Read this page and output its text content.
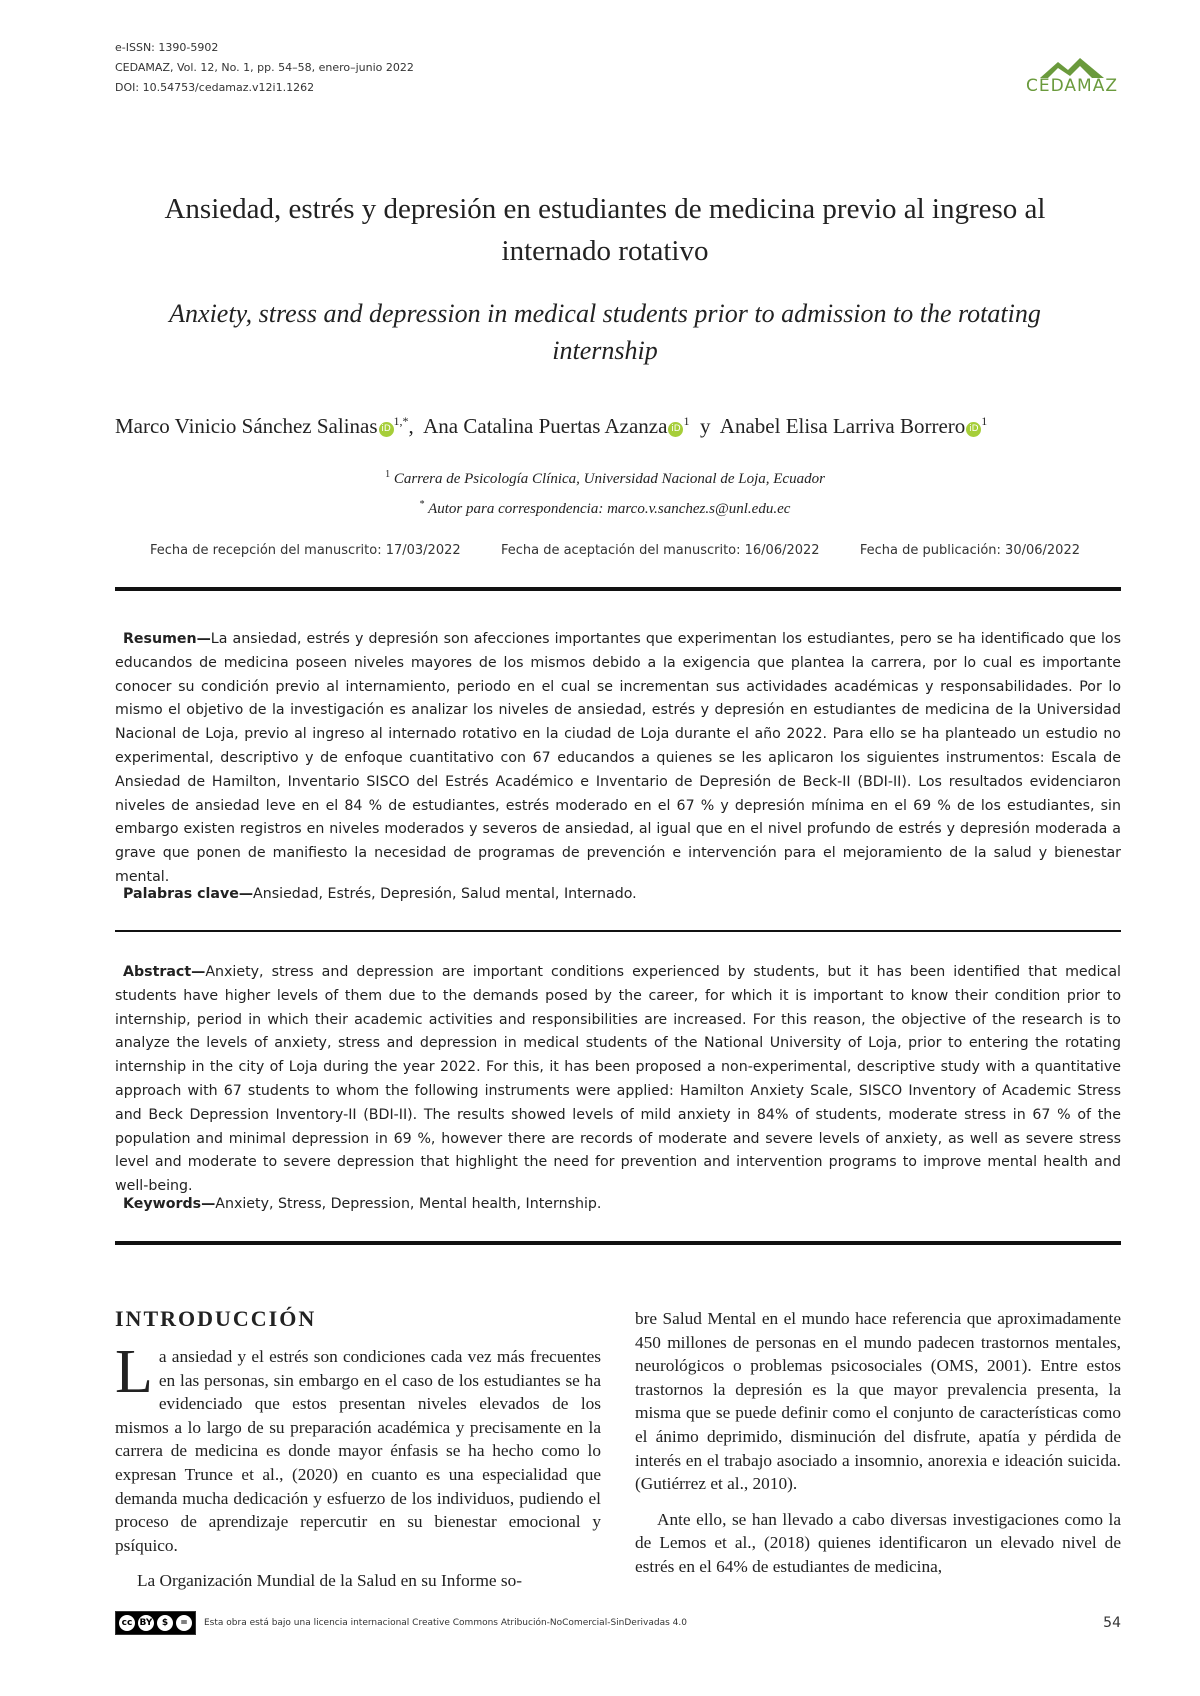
e-ISSN: 1390-5902
CEDAMAZ, Vol. 12, No. 1, pp. 54–58, enero–junio 2022
DOI: 10.54753/cedamaz.v12i1.1262	CEDAMAZ
Ansiedad, estrés y depresión en estudiantes de medicina previo al ingreso al
internado rotativo
Anxiety, stress and depression in medical students prior to admission to the rotating
internship
Marco Vinicio Sánchez Salinas $iD^{1,*}$,  Ana Catalina Puertas Azanza $iD^1$  y  Anabel Elisa Larriva Borrero $iD^1$
$^1$ Carrera de Psicología Clínica, Universidad Nacional de Loja, Ecuador
* Autor para correspondencia: marco.v.sanchez.s@unl.edu.ec
Fecha de recepción del manuscrito: 17/03/2022	Fecha de aceptación del manuscrito: 16/06/2022	Fecha de publicación: 30/06/2022
Resumen—La ansiedad, estrés y depresión son afecciones importantes que experimentan los estudiantes, pero se ha identificado que los educandos de medicina poseen niveles mayores de los mismos debido a la exigencia que plantea la carrera, por lo cual es importante conocer su condición previo al internamiento, periodo en el cual se incrementan sus actividades académicas y responsabilidades. Por lo mismo el objetivo de la investigación es analizar los niveles de ansiedad, estrés y depresión en estudiantes de medicina de la Universidad Nacional de Loja, previo al ingreso al internado rotativo en la ciudad de Loja durante el año 2022. Para ello se ha planteado un estudio no experimental, descriptivo y de enfoque cuantitativo con 67 educandos a quienes se les aplicaron los siguientes instrumentos: Escala de Ansiedad de Hamilton, Inventario SISCO del Estrés Académico e Inventario de Depresión de Beck-II (BDI-II). Los resultados evidenciaron niveles de ansiedad leve en el 84 % de estudiantes, estrés moderado en el 67 % y depresión mínima en el 69 % de los estudiantes, sin embargo existen registros en niveles moderados y severos de ansiedad, al igual que en el nivel profundo de estrés y depresión moderada a grave que ponen de manifiesto la necesidad de programas de prevención e intervención para el mejoramiento de la salud y bienestar mental.
Palabras clave—Ansiedad, Estrés, Depresión, Salud mental, Internado.
Abstract—Anxiety, stress and depression are important conditions experienced by students, but it has been identified that medical students have higher levels of them due to the demands posed by the career, for which it is important to know their condition prior to internship, period in which their academic activities and responsibilities are increased. For this reason, the objective of the research is to analyze the levels of anxiety, stress and depression in medical students of the National University of Loja, prior to entering the rotating internship in the city of Loja during the year 2022. For this, it has been proposed a non-experimental, descriptive study with a quantitative approach with 67 students to whom the following instruments were applied: Hamilton Anxiety Scale, SISCO Inventory of Academic Stress and Beck Depression Inventory-II (BDI-II). The results showed levels of mild anxiety in 84% of students, moderate stress in 67 % of the population and minimal depression in 69 %, however there are records of moderate and severe levels of anxiety, as well as severe stress level and moderate to severe depression that highlight the need for prevention and intervention programs to improve mental health and well-being.
Keywords—Anxiety, Stress, Depression, Mental health, Internship.
INTRODUCCIÓN

La ansiedad y el estrés son condiciones cada vez más frecuentes en las personas, sin embargo en el caso de los estudiantes se ha evidenciado que estos presentan niveles elevados de los mismos a lo largo de su preparación académica y precisamente en la carrera de medicina es donde mayor énfasis se ha hecho como lo expresan Trunce et al., (2020) en cuanto es una especialidad que demanda mucha dedicación y esfuerzo de los individuos, pudiendo el proceso de aprendizaje repercutir en su bienestar emocional y psíquico.

La Organización Mundial de la Salud en su Informe so-

bre Salud Mental en el mundo hace referencia que aproximadamente 450 millones de personas en el mundo padecen trastornos mentales, neurológicos o problemas psicosociales (OMS, 2001). Entre estos trastornos la depresión es la que mayor prevalencia presenta, la misma que se puede definir como el conjunto de características como el ánimo deprimido, disminución del disfrute, apatía y pérdida de interés en el trabajo asociado a insomnio, anorexia e ideación suicida. (Gutiérrez et al., 2010).

Ante ello, se han llevado a cabo diversas investigaciones como la de Lemos et al., (2018) quienes identificaron un elevado nivel de estrés en el 64% de estudiantes de medicina,

cc BY	$	=	Esta obra está bajo una licencia internacional Creative Commons Atribución-NoComercial-SinDerivadas 4.0	54
